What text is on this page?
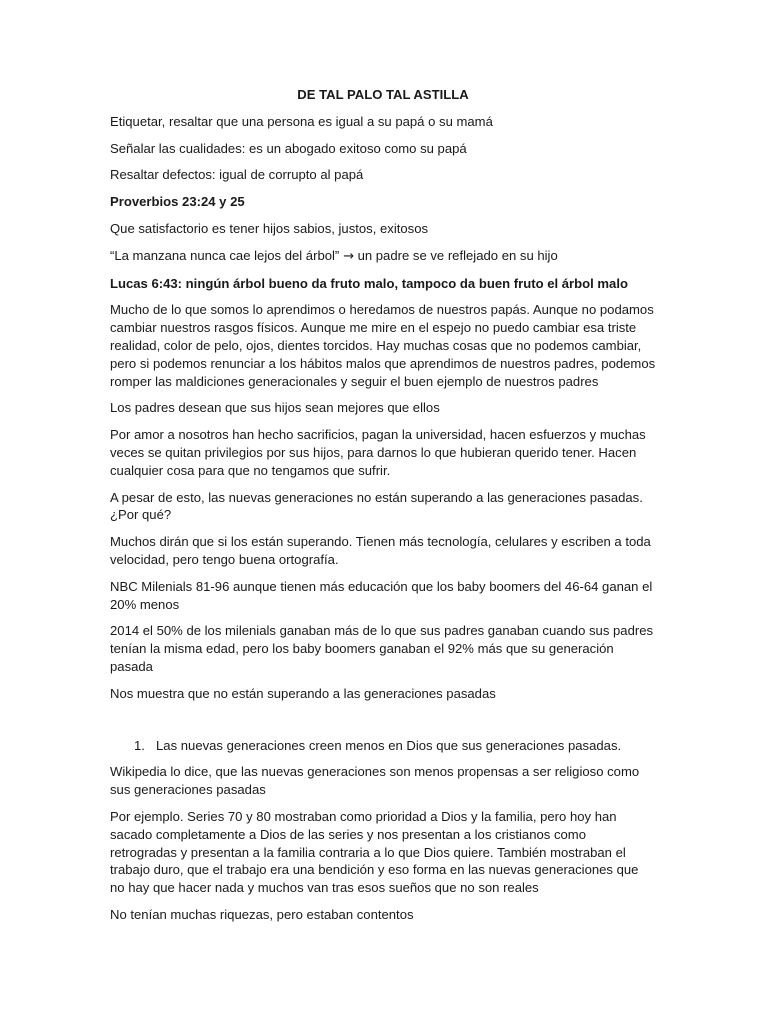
DE TAL PALO TAL ASTILLA

Etiquetar, resaltar que una persona es igual a su papá o su mamá

Señalar las cualidades: es un abogado exitoso como su papá

Resaltar defectos: igual de corrupto al papá

Proverbios 23:24 y 25

Que satisfactorio es tener hijos sabios, justos, exitosos

“La manzana nunca cae lejos del árbol” → un padre se ve reflejado en su hijo

Lucas 6:43: ningún árbol bueno da fruto malo, tampoco da buen fruto el árbol malo

Mucho de lo que somos lo aprendimos o heredamos de nuestros papás. Aunque no podamos cambiar nuestros rasgos físicos. Aunque me mire en el espejo no puedo cambiar esa triste realidad, color de pelo, ojos, dientes torcidos. Hay muchas cosas que no podemos cambiar, pero si podemos renunciar a los hábitos malos que aprendimos de nuestros padres, podemos romper las maldiciones generacionales y seguir el buen ejemplo de nuestros padres

Los padres desean que sus hijos sean mejores que ellos

Por amor a nosotros han hecho sacrificios, pagan la universidad, hacen esfuerzos y muchas veces se quitan privilegios por sus hijos, para darnos lo que hubieran querido tener. Hacen cualquier cosa para que no tengamos que sufrir.

A pesar de esto, las nuevas generaciones no están superando a las generaciones pasadas. ¿Por qué?

Muchos dirán que si los están superando. Tienen más tecnología, celulares y escriben a toda velocidad, pero tengo buena ortografía.

NBC Milenials 81-96 aunque tienen más educación que los baby boomers del 46-64 ganan el 20% menos

2014 el 50% de los milenials ganaban más de lo que sus padres ganaban cuando sus padres tenían la misma edad, pero los baby boomers ganaban el 92% más que su generación pasada

Nos muestra que no están superando a las generaciones pasadas

1. Las nuevas generaciones creen menos en Dios que sus generaciones pasadas.

Wikipedia lo dice, que las nuevas generaciones son menos propensas a ser religioso como sus generaciones pasadas

Por ejemplo. Series 70 y 80 mostraban como prioridad a Dios y la familia, pero hoy han sacado completamente a Dios de las series y nos presentan a los cristianos como retrogradas y presentan a la familia contraria a lo que Dios quiere. También mostraban el trabajo duro, que el trabajo era una bendición y eso forma en las nuevas generaciones que no hay que hacer nada y muchos van tras esos sueños que no son reales

No tenían muchas riquezas, pero estaban contentos
